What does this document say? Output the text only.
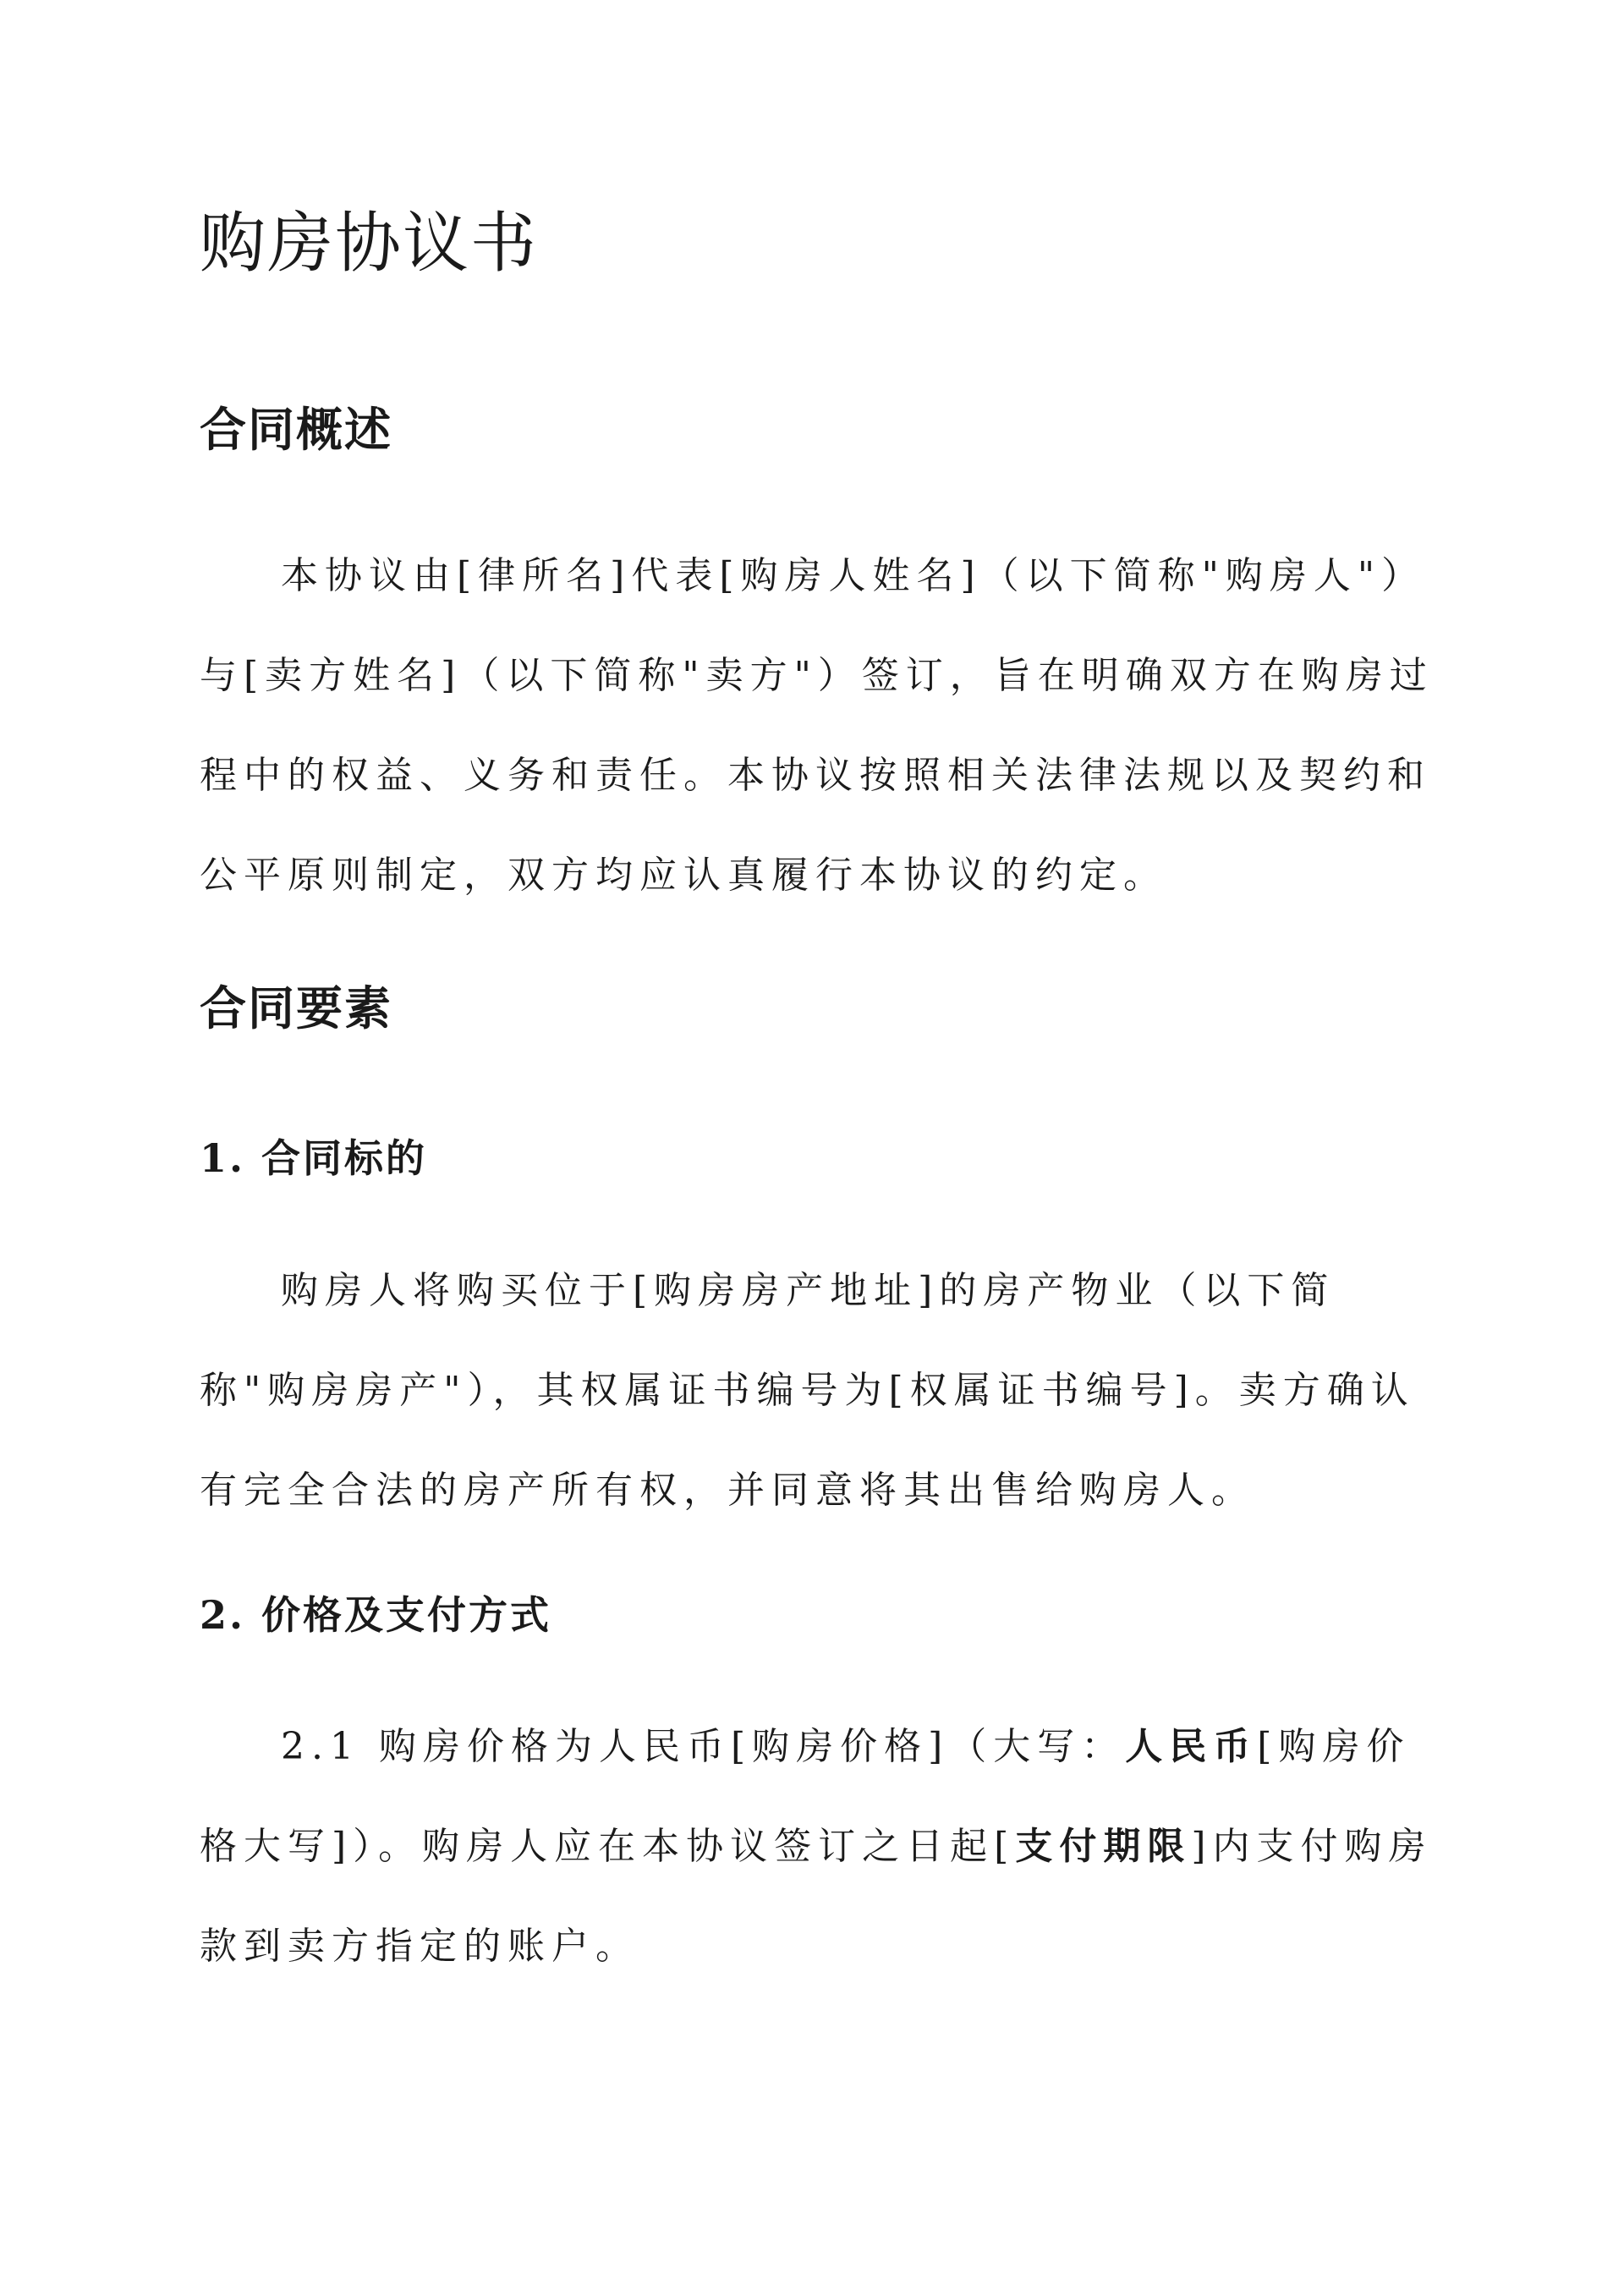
购房协议书
合同概述

本协议由[律所名]代表[购房人姓名]（以下简称"购房人"）与[卖方姓名]（以下简称"卖方"）签订，旨在明确双方在购房过程中的权益、义务和责任。本协议按照相关法律法规以及契约和公平原则制定，双方均应认真履行本协议的约定。

合同要素
1. 合同标的

购房人将购买位于[购房房产地址]的房产物业（以下简称"购房房产"），其权属证书编号为[权属证书编号]。卖方确认有完全合法的房产所有权，并同意将其出售给购房人。

2. 价格及支付方式

2.1 购房价格为人民币[购房价格]（大写：人民币[购房价格大写]）。购房人应在本协议签订之日起[支付期限]内支付购房款到卖方指定的账户。
